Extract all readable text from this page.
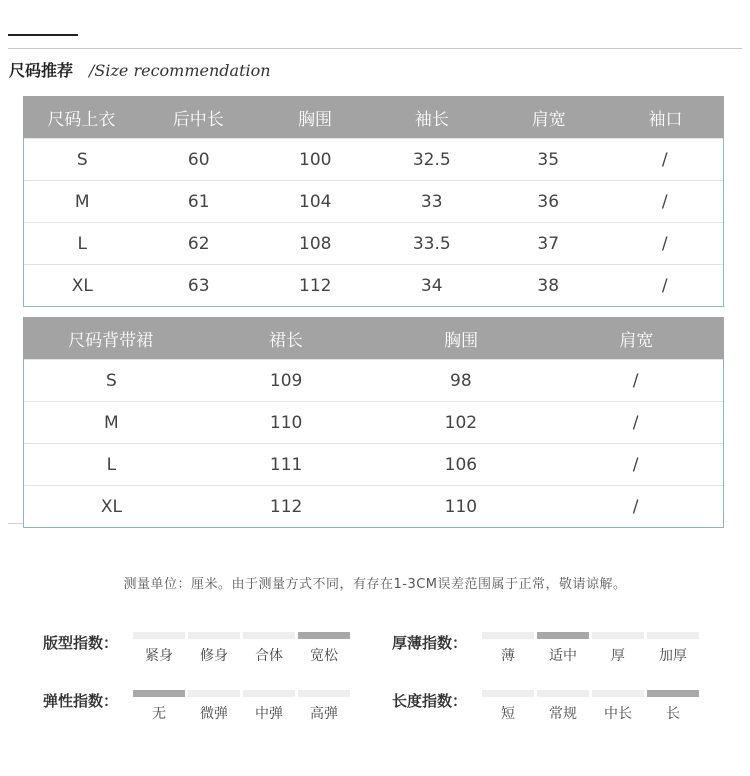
尺码推荐 /Size recommendation
尺码上衣	后中长	胸围	袖长	肩宽	袖口
S	60	100	32.5	35	/
M	61	104	33	36	/
L	62	108	33.5	37	/
XL	63	112	34	38	/
尺码背带裙	裙长	胸围	肩宽
S	109	98	/
M	110	102	/
L	111	106	/
XL	112	110	/
测量单位：厘米。由于测量方式不同，有存在1-3CM误差范围属于正常，敬请谅解。
版型指数：
紧身	修身	合体	宽松
厚薄指数：
薄	适中	厚	加厚
弹性指数：
无	微弹	中弹	高弹
长度指数：
短	常规	中长	长
